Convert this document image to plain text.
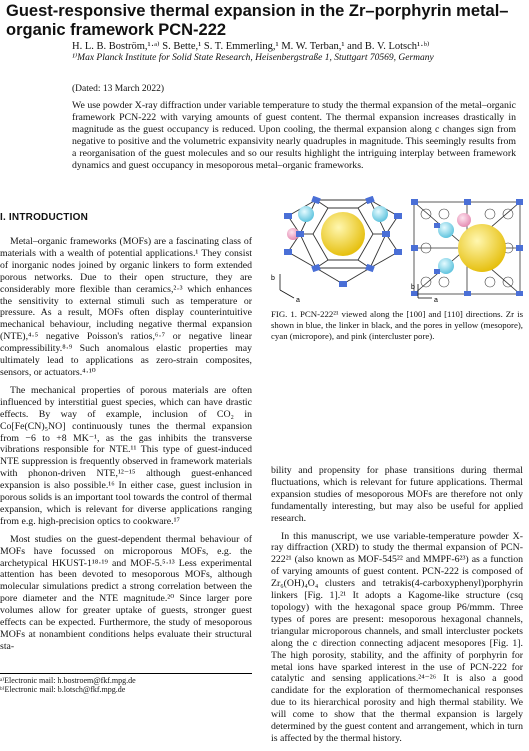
Guest-responsive thermal expansion in the Zr–porphyrin metal–organic framework PCN-222
H. L. B. Boström,¹·ᵃ⁾ S. Bette,¹ S. T. Emmerling,¹ M. W. Terban,¹ and B. V. Lotsch¹·ᵇ⁾
¹⁾Max Planck Institute for Solid State Research, Heisenbergstraße 1, Stuttgart 70569, Germany
(Dated: 13 March 2022)

We use powder X-ray diffraction under variable temperature to study the thermal expansion of the metal–organic framework PCN-222 with varying amounts of guest content. The thermal expansion increases drastically in magnitude as the guest occupancy is reduced. Upon cooling, the thermal expansion along c changes sign from negative to positive and the volumetric expansivity nearly quadruples in magnitude. This seemingly results from a reorganisation of the guest molecules and so our results highlight the intriguing interplay between framework dynamics and guest occupancy in mesoporous metal–organic frameworks.

I. INTRODUCTION

Metal–organic frameworks (MOFs) are a fascinating class of materials with a wealth of potential applications.¹ They consist of inorganic nodes joined by organic linkers to form extended porous networks. Due to their open structure, they are considerably more flexible than ceramics,²·³ which enhances the sensitivity to external stimuli such as temperature or pressure. As a result, MOFs often display counterintuitive mechanical behaviour, including negative thermal expansion (NTE),⁴·⁵ negative Poisson's ratios,⁶·⁷ or negative linear compressibility.⁸·⁹ Such anomalous elastic properties may ultimately lead to applications as zero-strain composites, sensors, or actuators.⁴·¹⁰

The mechanical properties of porous materials are often influenced by interstitial guest species, which can have drastic effects. By way of example, inclusion of CO₂ in Co[Fe(CN)₅NO] continuously tunes the thermal expansion from −6 to +8 MK⁻¹, as the gas inhibits the transverse vibrations responsible for NTE.¹¹ This type of guest-induced NTE suppression is frequently observed in framework materials with phonon-driven NTE,¹²⁻¹⁵ although guest-enhanced expansion is also possible.¹⁶ In either case, guest inclusion in porous solids is an important tool towards the control of thermal expansion, which is relevant for diverse applications ranging from e.g. high-precision optics to cookware.¹⁷

Most studies on the guest-dependent thermal behaviour of MOFs have focussed on microporous MOFs, e.g. the archetypical HKUST-1¹⁸·¹⁹ and MOF-5.⁵·¹³ Less experimental attention has been devoted to mesoporous MOFs, although molecular simulations predict a strong correlation between the pore diameter and the NTE magnitude.²⁰ Since larger pore volumes allow for greater uptake of guests, stronger guest effects can be expected. Furthermore, the study of mesoporous MOFs at nonambient conditions helps evaluate their structural sta-

ᵃ⁾Electronic mail: h.bostroem@fkf.mpg.de
ᵇ⁾Electronic mail: b.lotsch@fkf.mpg.de
b
a
b
a
FIG. 1. PCN-222²¹ viewed along the [100] and [110] directions. Zr is shown in blue, the linker in black, and the pores in yellow (mesopore), cyan (micropore), and pink (intercluster pore).

bility and propensity for phase transitions during thermal fluctuations, which is relevant for future applications. Thermal expansion studies of mesoporous MOFs are therefore not only fundamentally interesting, but may also be useful for applied research.

In this manuscript, we use variable-temperature powder X-ray diffraction (XRD) to study the thermal expansion of PCN-222²¹ (also known as MOF-545²² and MMPF-6²³) as a function of varying amounts of guest content. PCN-222 is composed of Zr₆(OH)₄O₄ clusters and tetrakis(4-carboxyphenyl)porphyrin linkers [Fig. 1].²¹ It adopts a Kagome-like structure (csq topology) with the hexagonal space group P6/mmm. Three types of pores are present: mesoporous hexagonal channels, triangular microporous channels, and small intercluster pockets along the c direction connecting adjacent mesopores [Fig. 1]. The high porosity, stability, and the affinity of porphyrin for metal ions have sparked interest in the use of PCN-222 for catalytic and sensing applications.²⁴⁻²⁶ It is also a good candidate for the exploration of thermomechanical responses due to its hierarchical porosity and high thermal stability. We will come to show that the thermal expansion is largely determined by the guest content and arrangement, which in turn is affected by the thermal history.
